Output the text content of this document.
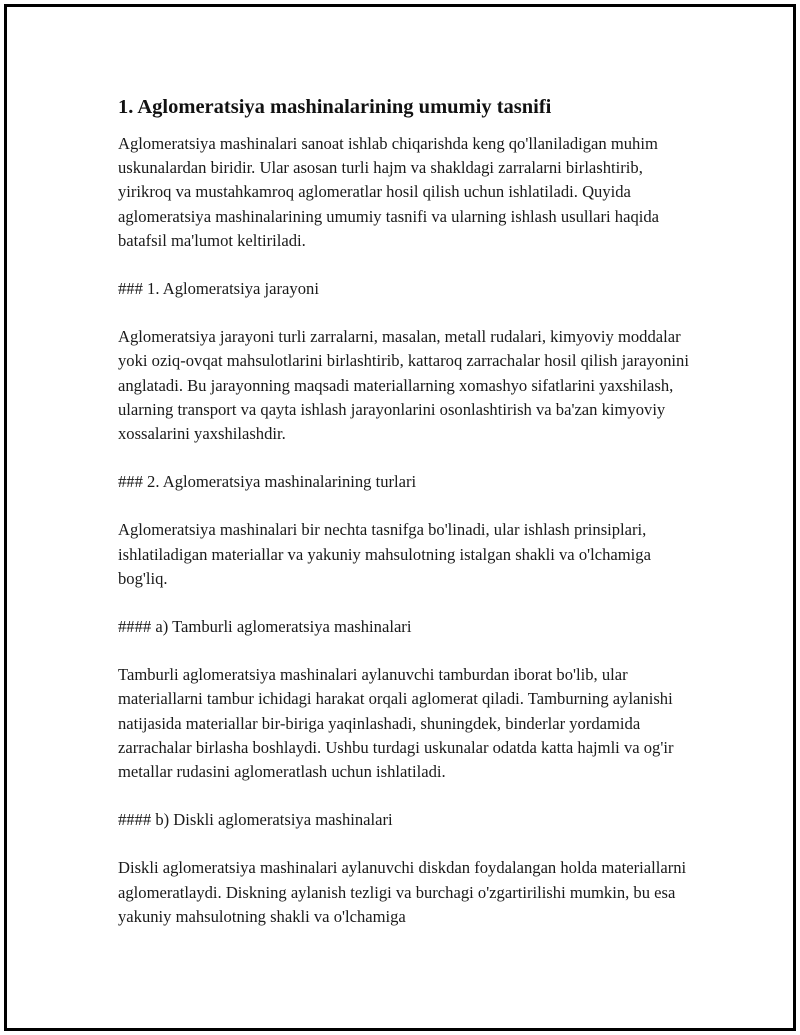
1. Aglomeratsiya mashinalarining umumiy tasnifi

Aglomeratsiya mashinalari sanoat ishlab chiqarishda keng qo'llaniladigan muhim uskunalardan biridir. Ular asosan turli hajm va shakldagi zarralarni birlashtirib, yirikroq va mustahkamroq aglomeratlar hosil qilish uchun ishlatiladi. Quyida aglomeratsiya mashinalarining umumiy tasnifi va ularning ishlash usullari haqida batafsil ma'lumot keltiriladi.

### 1. Aglomeratsiya jarayoni

Aglomeratsiya jarayoni turli zarralarni, masalan, metall rudalari, kimyoviy moddalar yoki oziq-ovqat mahsulotlarini birlashtirib, kattaroq zarrachalar hosil qilish jarayonini anglatadi. Bu jarayonning maqsadi materiallarning xomashyo sifatlarini yaxshilash, ularning transport va qayta ishlash jarayonlarini osonlashtirish va ba'zan kimyoviy xossalarini yaxshilashdir.

### 2. Aglomeratsiya mashinalarining turlari

Aglomeratsiya mashinalari bir nechta tasnifga bo'linadi, ular ishlash prinsiplari, ishlatiladigan materiallar va yakuniy mahsulotning istalgan shakli va o'lchamiga bog'liq.

#### a) Tamburli aglomeratsiya mashinalari

Tamburli aglomeratsiya mashinalari aylanuvchi tamburdan iborat bo'lib, ular materiallarni tambur ichidagi harakat orqali aglomerat qiladi. Tamburning aylanishi natijasida materiallar bir-biriga yaqinlashadi, shuningdek, binderlar yordamida zarrachalar birlasha boshlaydi. Ushbu turdagi uskunalar odatda katta hajmli va og'ir metallar rudasini aglomeratlash uchun ishlatiladi.

#### b) Diskli aglomeratsiya mashinalari

Diskli aglomeratsiya mashinalari aylanuvchi diskdan foydalangan holda materiallarni aglomeratlaydi. Diskning aylanish tezligi va burchagi o'zgartirilishi mumkin, bu esa yakuniy mahsulotning shakli va o'lchamiga
